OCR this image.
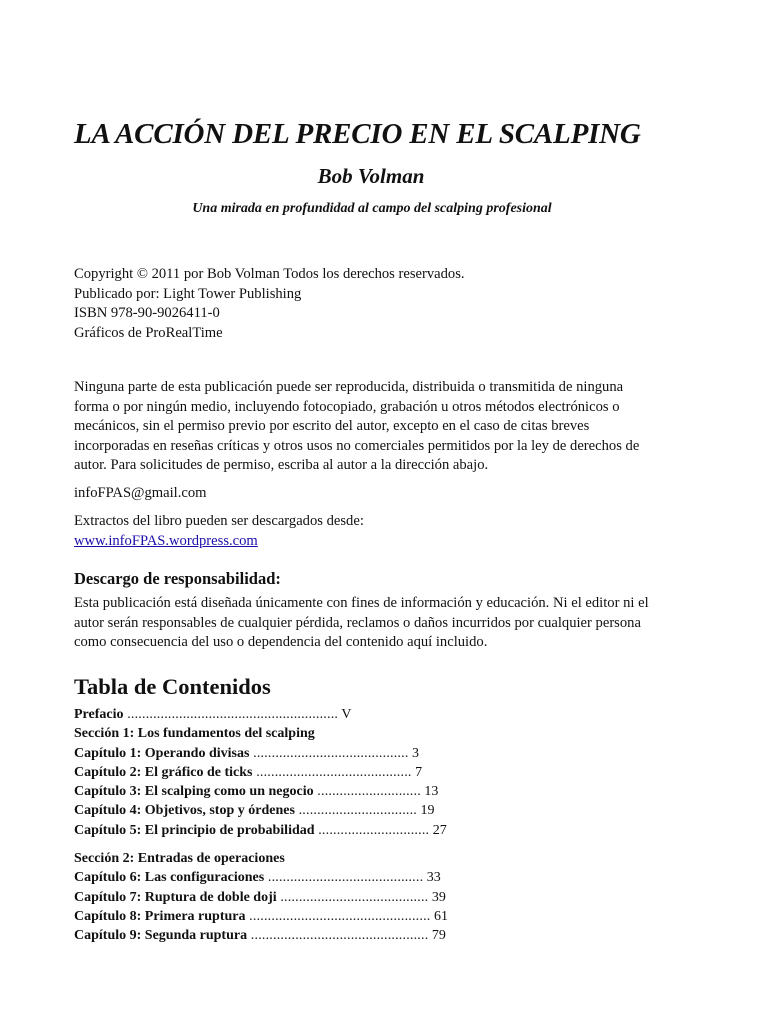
LA ACCIÓN DEL PRECIO EN EL SCALPING

Bob Volman

Una mirada en profundidad al campo del scalping profesional

Copyright © 2011 por Bob Volman Todos los derechos reservados.

Publicado por: Light Tower Publishing

ISBN 978-90-9026411-0

Gráficos de ProRealTime

Ninguna parte de esta publicación puede ser reproducida, distribuida o transmitida de ninguna

forma o por ningún medio, incluyendo fotocopiado, grabación u otros métodos electrónicos o

mecánicos, sin el permiso previo por escrito del autor, excepto en el caso de citas breves

incorporadas en reseñas críticas y otros usos no comerciales permitidos por la ley de derechos de

autor. Para solicitudes de permiso, escriba al autor a la dirección abajo.

infoFPAS@gmail.com

Extractos del libro pueden ser descargados desde:

www.infoFPAS.wordpress.com

Descargo de responsabilidad:

Esta publicación está diseñada únicamente con fines de información y educación. Ni el editor ni el

autor serán responsables de cualquier pérdida, reclamos o daños incurridos por cualquier persona

como consecuencia del uso o dependencia del contenido aquí incluido.

Tabla de Contenidos
Prefacio ......................................................... V
Sección 1: Los fundamentos del scalping
Capítulo 1: Operando divisas .......................................... 3
Capítulo 2: El gráfico de ticks .......................................... 7
Capítulo 3: El scalping como un negocio ............................ 13
Capítulo 4: Objetivos, stop y órdenes ................................ 19
Capítulo 5: El principio de probabilidad .............................. 27
Sección 2: Entradas de operaciones
Capítulo 6: Las configuraciones .......................................... 33
Capítulo 7: Ruptura de doble doji ........................................ 39
Capítulo 8: Primera ruptura ................................................. 61
Capítulo 9: Segunda ruptura ................................................ 79
